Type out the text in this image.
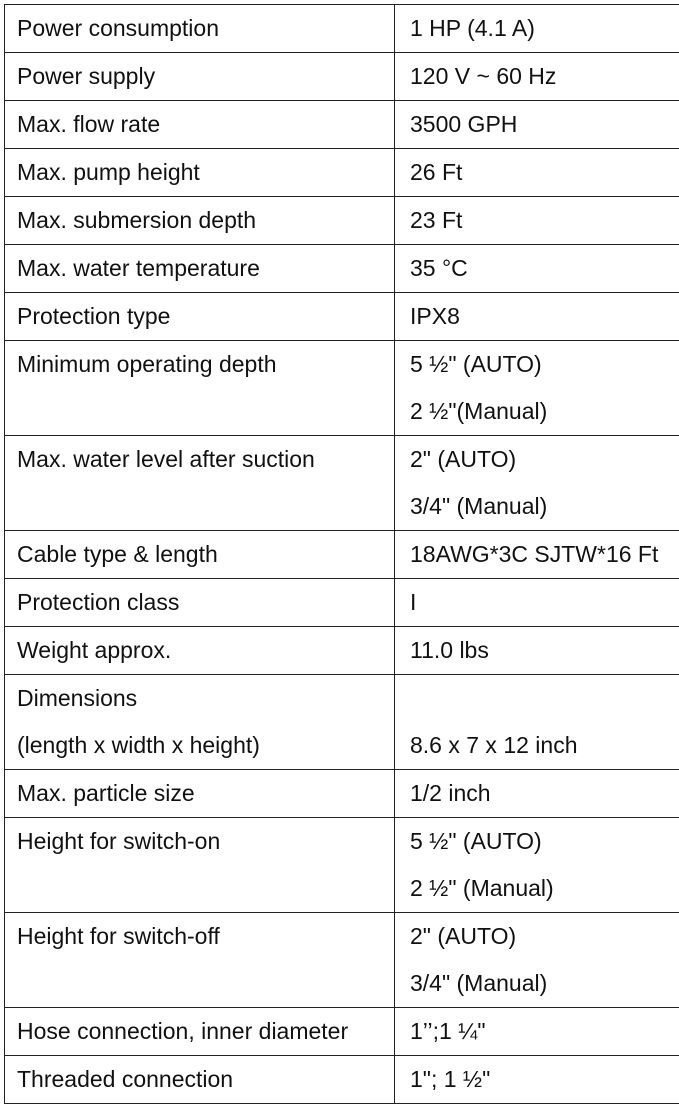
Power consumption	1 HP (4.1 A)

Power supply	120 V ~ 60 Hz

Max. flow rate	3500 GPH

Max. pump height	26 Ft

Max. submersion depth	23 Ft

Max. water temperature	35 °C

Protection type	IPX8

Minimum operating depth	5 ½" (AUTO)
2 ½"(Manual)

Max. water level after suction	2" (AUTO)
3/4" (Manual)

Cable type & length	18AWG*3C SJTW*16 Ft

Protection class	I

Weight approx.	11.0 lbs

Dimensions
(length x width x height)	8.6 x 7 x 12 inch

Max. particle size	1/2 inch

Height for switch-on	5 ½" (AUTO)
2 ½" (Manual)

Height for switch-off	2" (AUTO)
3/4" (Manual)

Hose connection, inner diameter	1’’;1 ¼"

Threaded connection	1"; 1 ½"
